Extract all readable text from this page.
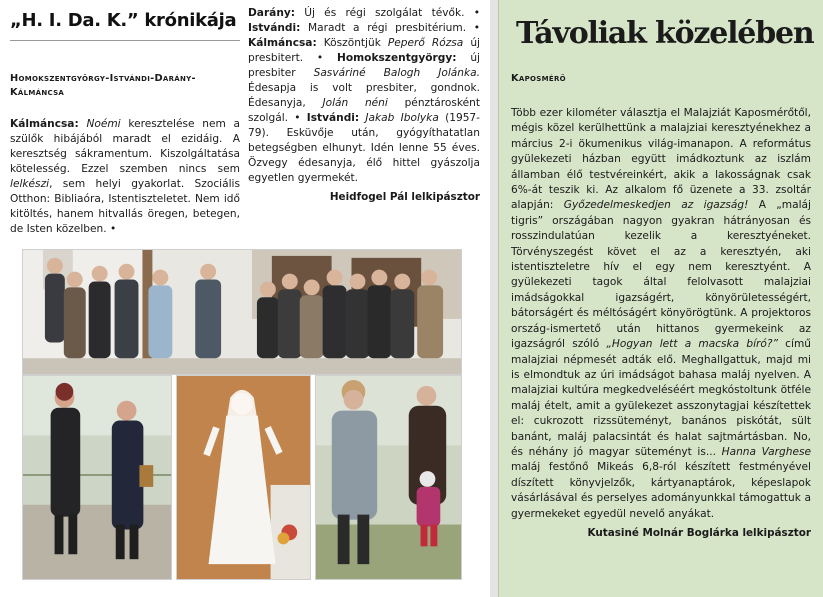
„H. I. Da. K.” krónikája
Homokszentgyörgy-Istvándi-Darány-Kálmáncsa
Kálmáncsa: Noémi keresztelése nem a szülők hibájából maradt el ezidáig. A keresztség sákramentum. Kiszolgáltatása kötelesség. Ezzel szemben nincs sem lelkészi, sem helyi gyakorlat. Szociális Otthon: Bibliaóra, Istentiszteletet. Nem idő kitöltés, hanem hitvallás öregen, betegen, de Isten közelben. •
Darány: Új és régi szolgálat tévők. • Istvándi: Maradt a régi presbitérium. • Kálmáncsa: Köszöntjük Peperő Rózsa új presbitert. • Homokszentgyörgy: új presbiter Sasváriné Balogh Jolánka. Édesapja is volt presbiter, gondnok. Édesanyja, Jolán néni pénztárosként szolgál. • Istvándi: Jakab Ibolyka (1957-79). Esküvője után, gyógyíthatatlan betegségben elhunyt. Idén lenne 55 éves. Özvegy édesanyja, élő hittel gyászolja egyetlen gyermekét.
Heidfogel Pál lelkipásztor
Távoliak közelében
Kaposmérő
Több ezer kilométer választja el Malajziát Kaposmérőtől, mégis közel kerülhettünk a malajziai keresztyénekhez a március 2-i ökumenikus világ-imanapon. A református gyülekezeti házban együtt imádkoztunk az iszlám államban élő testvéreinkért, akik a lakosságnak csak 6%-át teszik ki. Az alkalom fő üzenete a 33. zsoltár alapján: Győzedelmeskedjen az igazság! A „maláj tigris” országában nagyon gyakran hátrányosan és rosszindulatúan kezelik a keresztyéneket. Törvényszegést követ el az a keresztyén, aki istentiszteletre hív el egy nem keresztyént. A gyülekezeti tagok által felolvasott malajziai imádságokkal igazságért, könyörületességért, bátorságért és méltóságért könyörögtünk. A projektoros ország-ismertető után hittanos gyermekeink az igazságról szóló „Hogyan lett a macska bíró?” című malajziai népmesét adták elő. Meghallgattuk, majd mi is elmondtuk az úri imádságot bahasa maláj nyelven. A malajziai kultúra megkedveléséért megkóstoltunk ötféle maláj ételt, amit a gyülekezet asszonytagjai készítettek el: cukrozott rizssüteményt, banános piskótát, sült banánt, maláj palacsintát és halat sajtmártásban. No, és néhány jó magyar süteményt is... Hanna Varghese maláj festőnő Mikeás 6,8-ról készített festményével díszített könyvjelzők, kártyanaptárok, képeslapok vásárlásával és perselyes adományunkkal támogattuk a gyermekeket egyedül nevelő anyákat.
Kutasiné Molnár Boglárka lelkipásztor
